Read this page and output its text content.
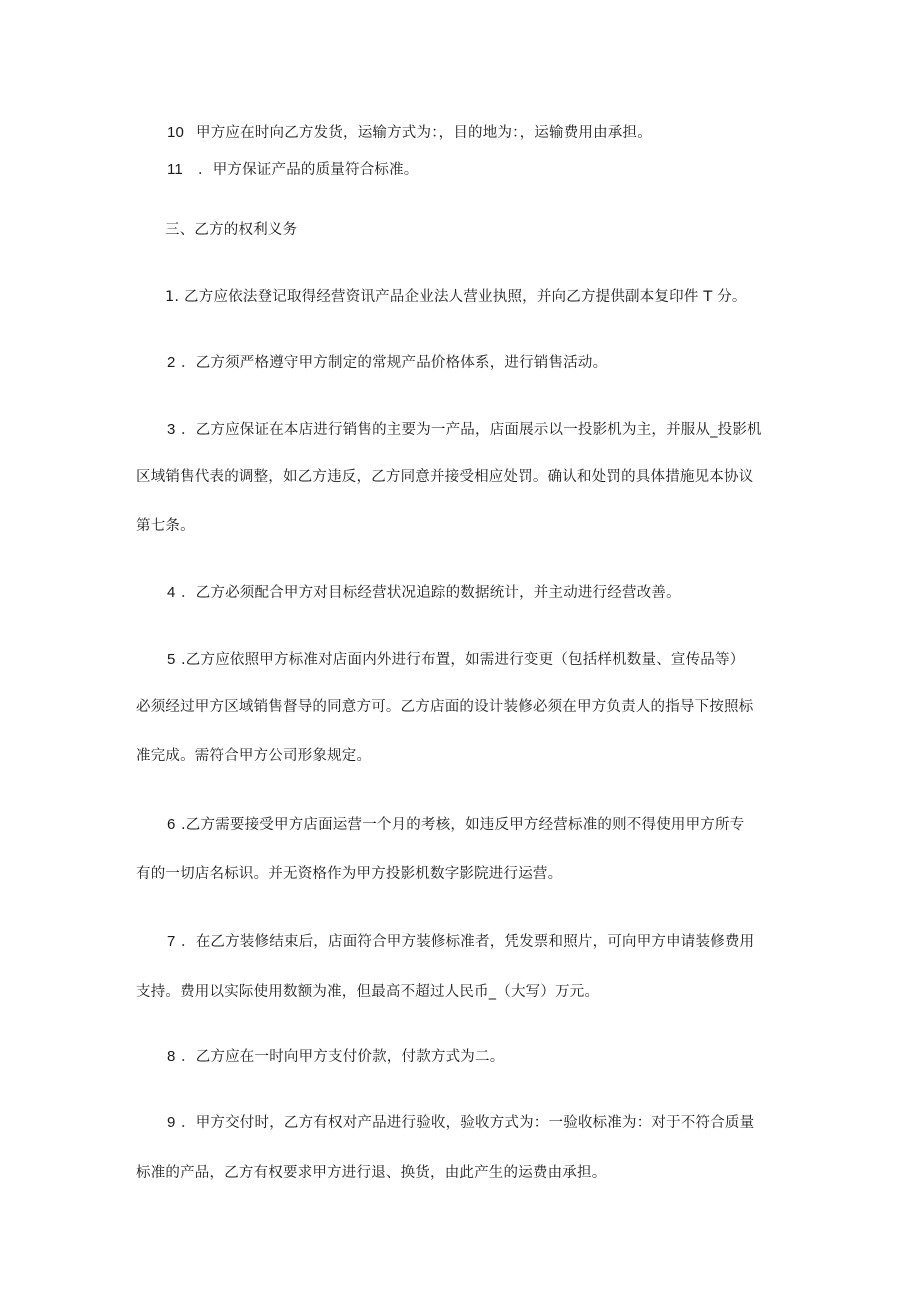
10 甲方应在时向乙方发货，运输方式为：，目的地为：，运输费用由承担。
11 ．甲方保证产品的质量符合标准。
三、乙方的权利义务
1. 乙方应依法登记取得经营资讯产品企业法人营业执照，并向乙方提供副本复印件 T 分。
2 ．乙方须严格遵守甲方制定的常规产品价格体系，进行销售活动。
3 ．乙方应保证在本店进行销售的主要为一产品，店面展示以一投影机为主，并服从_投影机
区域销售代表的调整，如乙方违反，乙方同意并接受相应处罚。确认和处罚的具体措施见本协议
第七条。
4 ．乙方必须配合甲方对目标经营状况追踪的数据统计，并主动进行经营改善。
5 .乙方应依照甲方标准对店面内外进行布置，如需进行变更（包括样机数量、宣传品等）
必须经过甲方区域销售督导的同意方可。乙方店面的设计装修必须在甲方负责人的指导下按照标
准完成。需符合甲方公司形象规定。
6 .乙方需要接受甲方店面运营一个月的考核，如违反甲方经营标准的则不得使用甲方所专
有的一切店名标识。并无资格作为甲方投影机数字影院进行运营。
7 ．在乙方装修结束后，店面符合甲方装修标准者，凭发票和照片，可向甲方申请装修费用
支持。费用以实际使用数额为准，但最高不超过人民币_（大写）万元。
8 ．乙方应在一时向甲方支付价款，付款方式为二。
9 ．甲方交付时，乙方有权对产品进行验收，验收方式为：一验收标准为：对于不符合质量
标准的产品，乙方有权要求甲方进行退、换货，由此产生的运费由承担。
